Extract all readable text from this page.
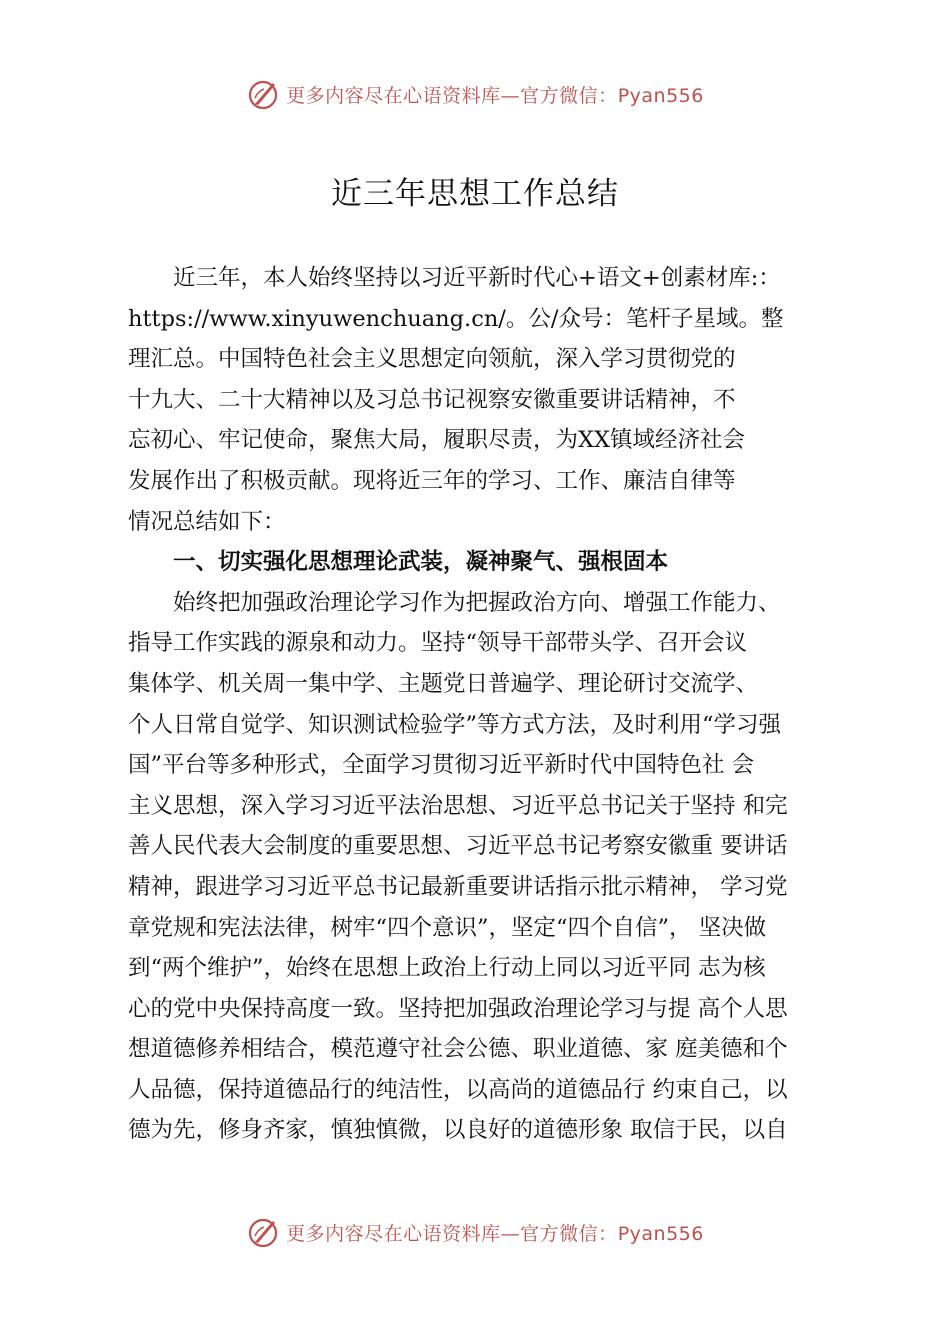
更多内容尽在心语资料库—官方微信：Pyan556
近三年思想工作总结
近三年，本人始终坚持以习近平新时代心+语文+创素材库:：
https://www.xinyuwenchuang.cn/。公/众号：笔杆子星域。整
理汇总。中国特色社会主义思想定向领航，深入学习贯彻党的
十九大、二十大精神以及习总书记视察安徽重要讲话精神，不
忘初心、牢记使命，聚焦大局，履职尽责，为XX镇域经济社会
发展作出了积极贡献。现将近三年的学习、工作、廉洁自律等
情况总结如下：
一、切实强化思想理论武装，凝神聚气、强根固本
始终把加强政治理论学习作为把握政治方向、增强工作能力、
指导工作实践的源泉和动力。坚持“领导干部带头学、召开会议
集体学、机关周一集中学、主题党日普遍学、理论研讨交流学、
个人日常自觉学、知识测试检验学”等方式方法，及时利用“学习强
国”平台等多种形式，全面学习贯彻习近平新时代中国特色社 会
主义思想，深入学习习近平法治思想、习近平总书记关于坚持 和完
善人民代表大会制度的重要思想、习近平总书记考察安徽重 要讲话
精神，跟进学习习近平总书记最新重要讲话指示批示精神， 学习党
章党规和宪法法律，树牢“四个意识”，坚定“四个自信”， 坚决做
到“两个维护”，始终在思想上政治上行动上同以习近平同 志为核
心的党中央保持高度一致。坚持把加强政治理论学习与提 高个人思
想道德修养相结合，模范遵守社会公德、职业道德、家 庭美德和个
人品德，保持道德品行的纯洁性，以高尚的道德品行 约束自己，以
德为先，修身齐家，慎独慎微，以良好的道德形象 取信于民，以自
更多内容尽在心语资料库—官方微信：Pyan556
